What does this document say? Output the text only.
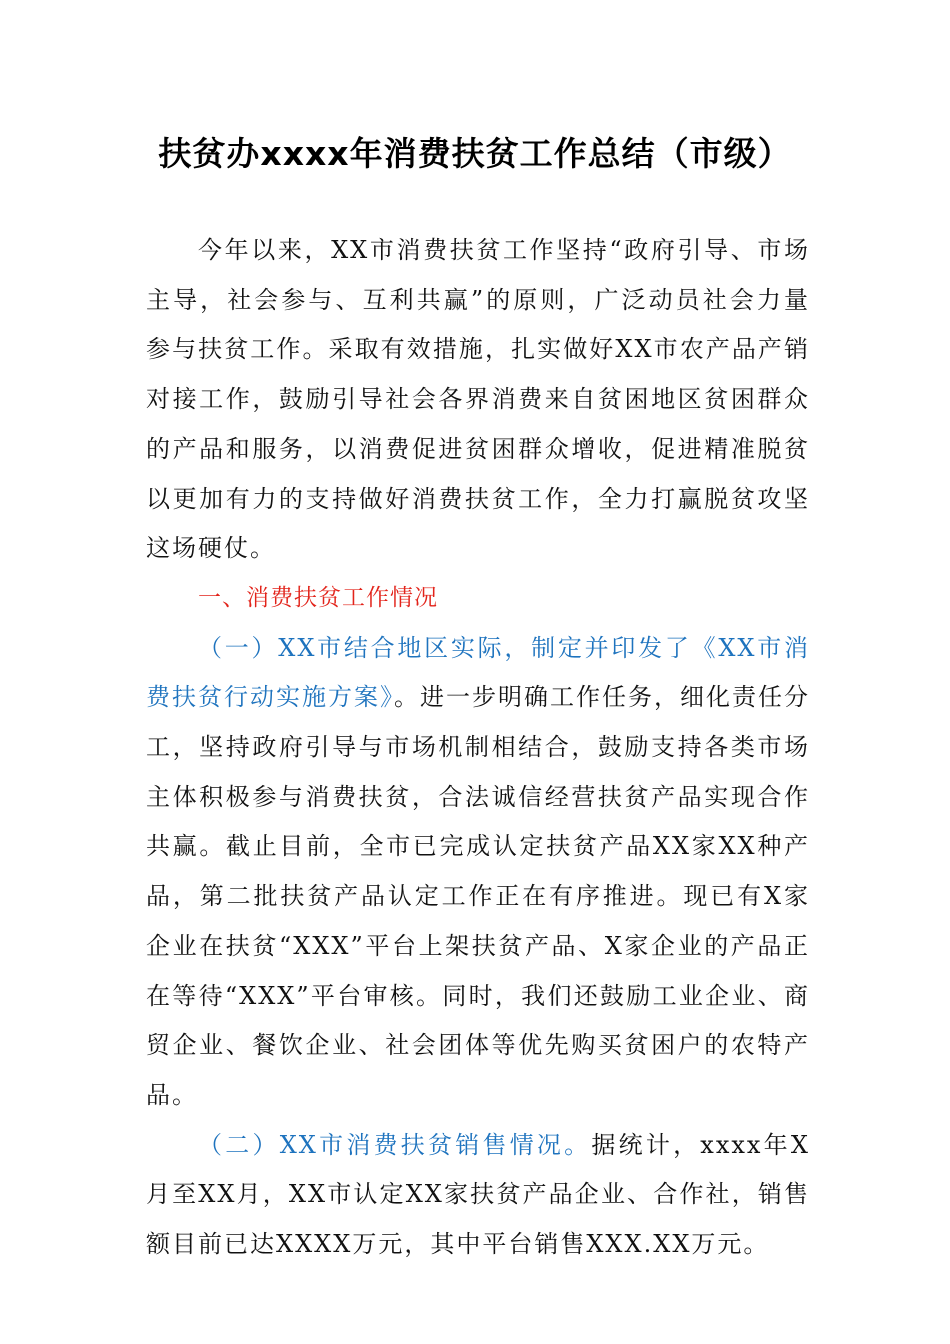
扶贫办xxxx年消费扶贫工作总结（市级）

今年以来，XX市消费扶贫工作坚持“政府引导、市场主导，社会参与、互利共赢”的原则，广泛动员社会力量参与扶贫工作。采取有效措施，扎实做好XX市农产品产销对接工作，鼓励引导社会各界消费来自贫困地区贫困群众的产品和服务，以消费促进贫困群众增收，促进精准脱贫以更加有力的支持做好消费扶贫工作，全力打赢脱贫攻坚这场硬仗。

一、消费扶贫工作情况

（一）XX市结合地区实际，制定并印发了《XX市消费扶贫行动实施方案》。进一步明确工作任务，细化责任分工，坚持政府引导与市场机制相结合，鼓励支持各类市场主体积极参与消费扶贫，合法诚信经营扶贫产品实现合作共赢。截止目前，全市已完成认定扶贫产品XX家XX种产品，第二批扶贫产品认定工作正在有序推进。现已有X家企业在扶贫“XXX”平台上架扶贫产品、X家企业的产品正在等待“XXX”平台审核。同时，我们还鼓励工业企业、商贸企业、餐饮企业、社会团体等优先购买贫困户的农特产品。

（二）XX市消费扶贫销售情况。据统计，xxxx年X月至XX月，XX市认定XX家扶贫产品企业、合作社，销售额目前已达XXXX万元，其中平台销售XXX.XX万元。
